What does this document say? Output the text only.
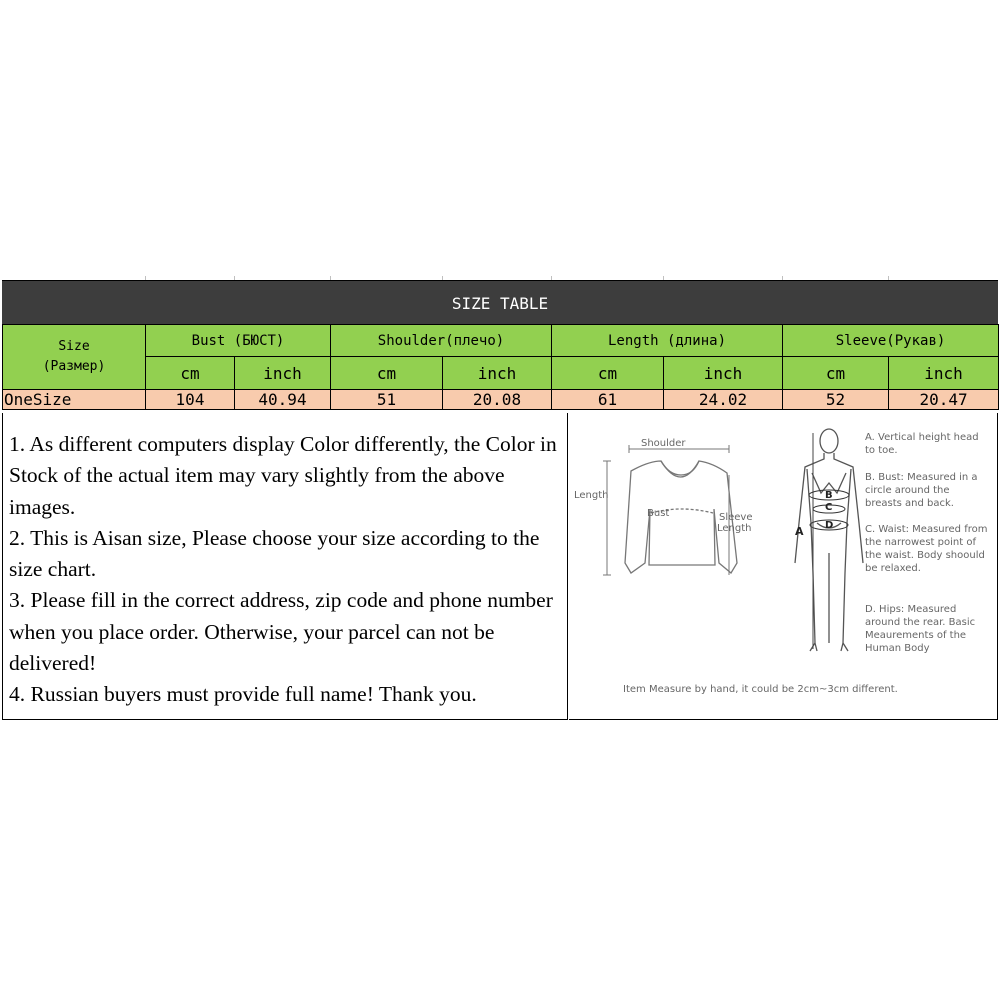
SIZE TABLE
Size
(Размер)	Bust (БЮСТ)		Shoulder(плечо)		Length (длина)		Sleeve(Рукав)	
	cm	inch	cm	inch	cm	inch	cm	inch
OneSize	104	40.94	51	20.08	61	24.02	52	20.47

1. As different computers display Color differently, the Color in Stock of the actual item may vary slightly from the above images.

2. This is Aisan size, Please choose your size according to the size chart.

3. Please fill in the correct address, zip code and phone number when you place order. Otherwise, your parcel can not be delivered!

4. Russian buyers must provide full name! Thank you.

Shoulder
Length
Bust	Sleeve
Length	A
B
C
D
A. Vertical height head to toe.
B. Bust: Measured in a circle around the breasts and back.
C. Waist: Measured from the narrowest point of the waist. Body shoould be relaxed.
D. Hips: Measured around the rear. Basic Meaurements of the Human Body
Item Measure by hand, it could be 2cm~3cm different.
